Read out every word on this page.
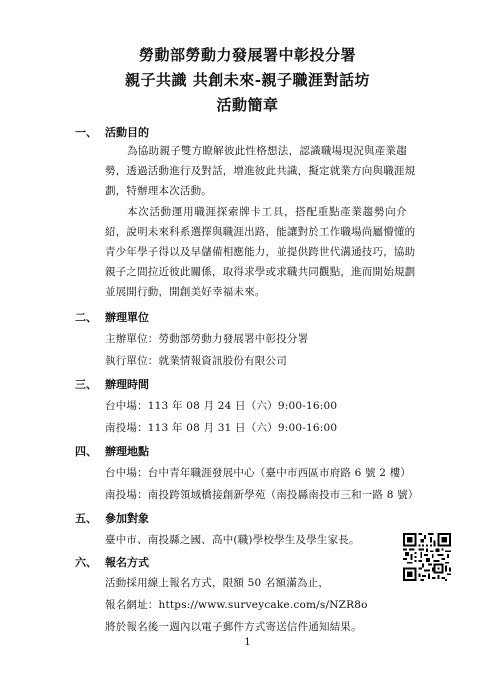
勞動部勞動力發展署中彰投分署
親子共識 共創未來-親子職涯對話坊
活動簡章
一、 活動目的
為協助親子雙方瞭解彼此性格想法，認識職場現況與產業趨
勢，透過活動進行及對話，增進彼此共識，擬定就業方向與職涯規
劃，特辦理本次活動。
本次活動運用職涯探索牌卡工具，搭配重點產業趨勢向介
紹，說明未來科系選擇與職涯出路，能讓對於工作職場尚屬懵懂的
青少年學子得以及早儲備相應能力，並提供跨世代溝通技巧，協助
親子之間拉近彼此關係，取得求學或求職共同觀點，進而開始規劃
並展開行動，開創美好幸福未來。
二、 辦理單位
主辦單位：勞動部勞動力發展署中彰投分署
執行單位：就業情報資訊股份有限公司
三、 辦理時間
台中場：113 年 08 月 24 日（六）9:00-16:00
南投場：113 年 08 月 31 日（六）9:00-16:00
四、 辦理地點
台中場：台中青年職涯發展中心（臺中市西區市府路 6 號 2 樓）
南投場：南投跨領域橋接創新學苑（南投縣南投市三和一路 8 號）
五、 參加對象
臺中市、南投縣之國、高中(職)學校學生及學生家長。
六、 報名方式
活動採用線上報名方式，限額 50 名額滿為止，
報名網址：https://www.surveycake.com/s/NZR8o
將於報名後一週內以電子郵件方式寄送信件通知結果。
1
